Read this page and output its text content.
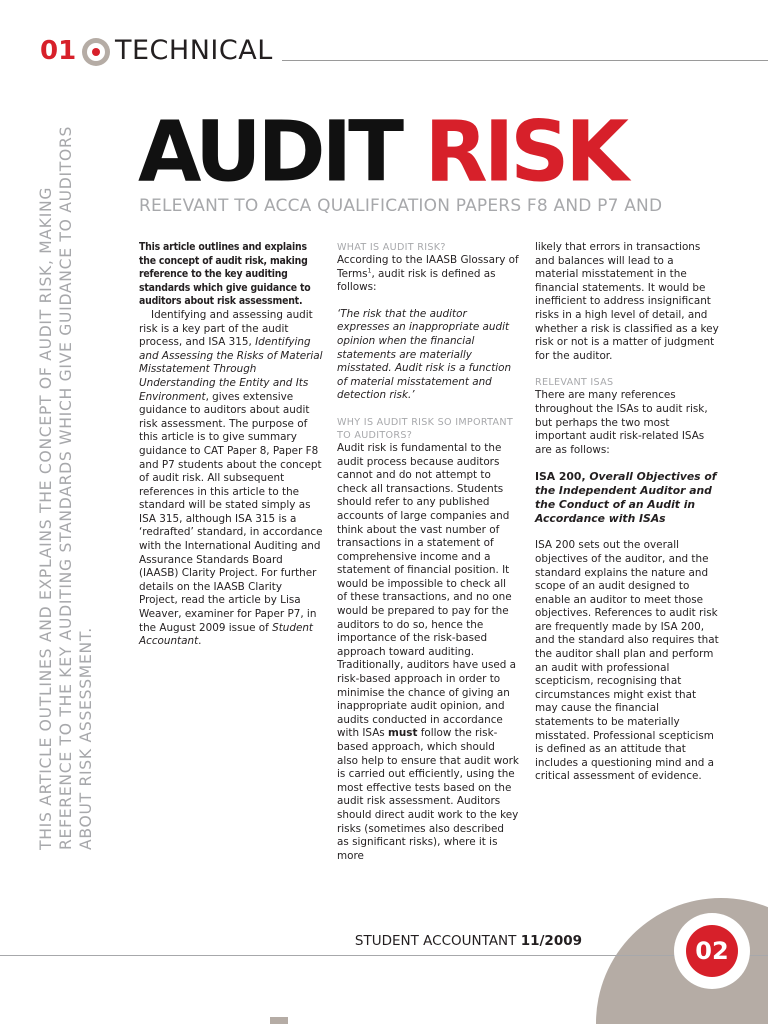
01 TECHNICAL
THIS ARTICLE OUTLINES AND EXPLAINS THE CONCEPT OF AUDIT RISK, MAKING REFERENCE TO THE KEY AUDITING STANDARDS WHICH GIVE GUIDANCE TO AUDITORS ABOUT RISK ASSESSMENT.
AUDIT RISK
RELEVANT TO ACCA QUALIFICATION PAPERS F8 AND P7 AND

This article outlines and explains the concept of audit risk, making reference to the key auditing standards which give guidance to auditors about risk assessment.

Identifying and assessing audit risk is a key part of the audit process, and ISA 315, Identifying and Assessing the Risks of Material Misstatement Through Understanding the Entity and Its Environment, gives extensive guidance to auditors about audit risk assessment. The purpose of this article is to give summary guidance to CAT Paper 8, Paper F8 and P7 students about the concept of audit risk. All subsequent references in this article to the standard will be stated simply as ISA 315, although ISA 315 is a ‘redrafted’ standard, in accordance with the International Auditing and Assurance Standards Board (IAASB) Clarity Project. For further details on the IAASB Clarity Project, read the article by Lisa Weaver, examiner for Paper P7, in the August 2009 issue of Student Accountant.

WHAT IS AUDIT RISK?

According to the IAASB Glossary of Terms$^1$, audit risk is defined as follows:

‘The risk that the auditor expresses an inappropriate audit opinion when the financial statements are materially misstated. Audit risk is a function of material misstatement and detection risk.’

WHY IS AUDIT RISK SO IMPORTANT TO AUDITORS?

Audit risk is fundamental to the audit process because auditors cannot and do not attempt to check all transactions. Students should refer to any published accounts of large companies and think about the vast number of transactions in a statement of comprehensive income and a statement of financial position. It would be impossible to check all of these transactions, and no one would be prepared to pay for the auditors to do so, hence the importance of the risk-based approach toward auditing. Traditionally, auditors have used a risk-based approach in order to minimise the chance of giving an inappropriate audit opinion, and audits conducted in accordance with ISAs must follow the risk-based approach, which should also help to ensure that audit work is carried out efficiently, using the most effective tests based on the audit risk assessment. Auditors should direct audit work to the key risks (sometimes also described as significant risks), where it is more

likely that errors in transactions and balances will lead to a material misstatement in the financial statements. It would be inefficient to address insignificant risks in a high level of detail, and whether a risk is classified as a key risk or not is a matter of judgment for the auditor.

RELEVANT ISAS

There are many references throughout the ISAs to audit risk, but perhaps the two most important audit risk-related ISAs are as follows:

ISA 200, Overall Objectives of the Independent Auditor and the Conduct of an Audit in Accordance with ISAs

ISA 200 sets out the overall objectives of the auditor, and the standard explains the nature and scope of an audit designed to enable an auditor to meet those objectives. References to audit risk are frequently made by ISA 200, and the standard also requires that the auditor shall plan and perform an audit with professional scepticism, recognising that circumstances might exist that may cause the financial statements to be materially misstated. Professional scepticism is defined as an attitude that includes a questioning mind and a critical assessment of evidence.

STUDENT ACCOUNTANT 11/2009	02
